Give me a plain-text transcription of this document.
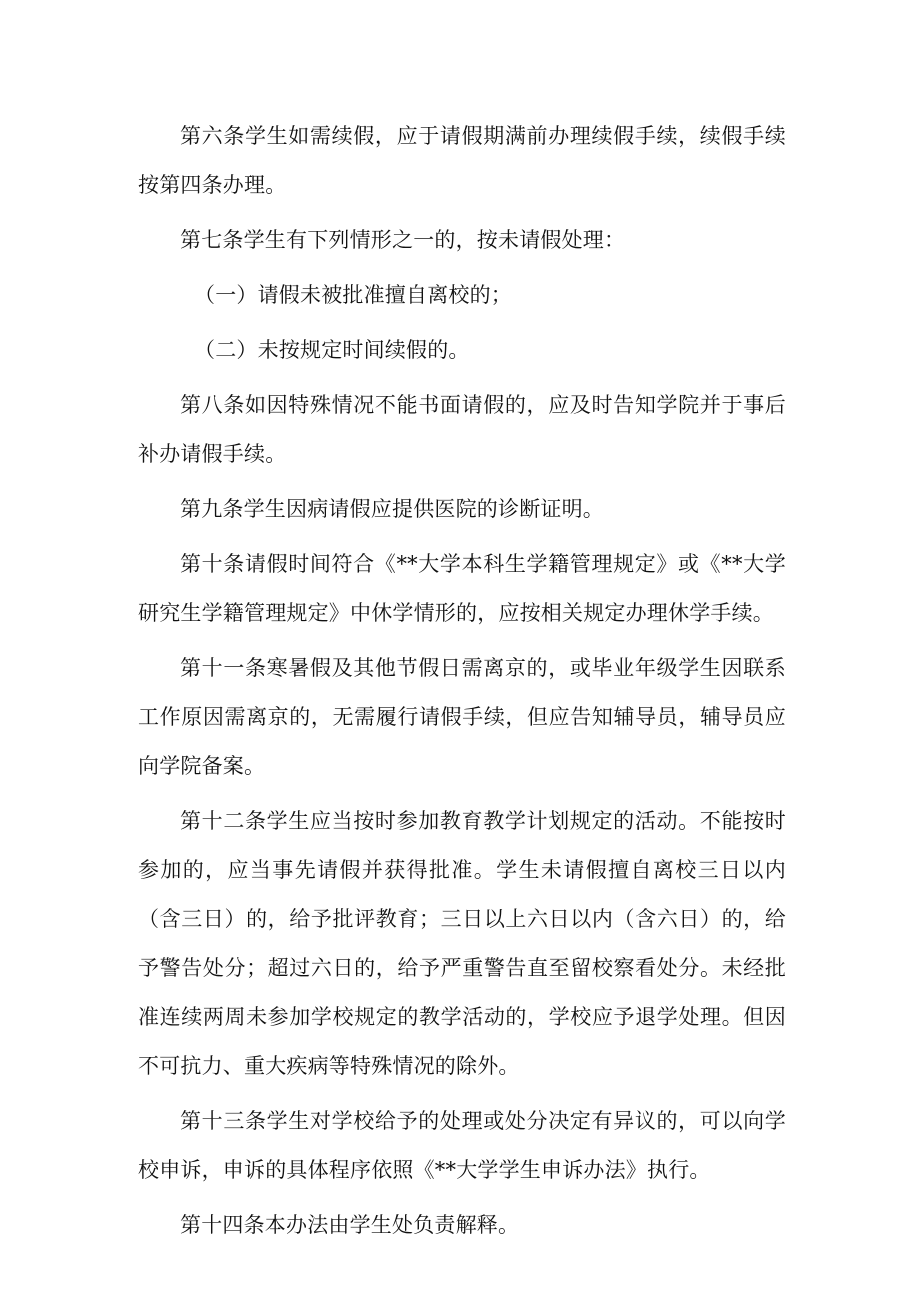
第六条学生如需续假，应于请假期满前办理续假手续，续假手续按第四条办理。

第七条学生有下列情形之一的，按未请假处理：

（一）请假未被批准擅自离校的；

（二）未按规定时间续假的。

第八条如因特殊情况不能书面请假的，应及时告知学院并于事后补办请假手续。

第九条学生因病请假应提供医院的诊断证明。

第十条请假时间符合《**大学本科生学籍管理规定》或《**大学研究生学籍管理规定》中休学情形的，应按相关规定办理休学手续。

第十一条寒暑假及其他节假日需离京的，或毕业年级学生因联系工作原因需离京的，无需履行请假手续，但应告知辅导员，辅导员应向学院备案。

第十二条学生应当按时参加教育教学计划规定的活动。不能按时参加的，应当事先请假并获得批准。学生未请假擅自离校三日以内（含三日）的，给予批评教育；三日以上六日以内（含六日）的，给予警告处分；超过六日的，给予严重警告直至留校察看处分。未经批准连续两周未参加学校规定的教学活动的，学校应予退学处理。但因不可抗力、重大疾病等特殊情况的除外。

第十三条学生对学校给予的处理或处分决定有异议的，可以向学校申诉，申诉的具体程序依照《**大学学生申诉办法》执行。

第十四条本办法由学生处负责解释。
